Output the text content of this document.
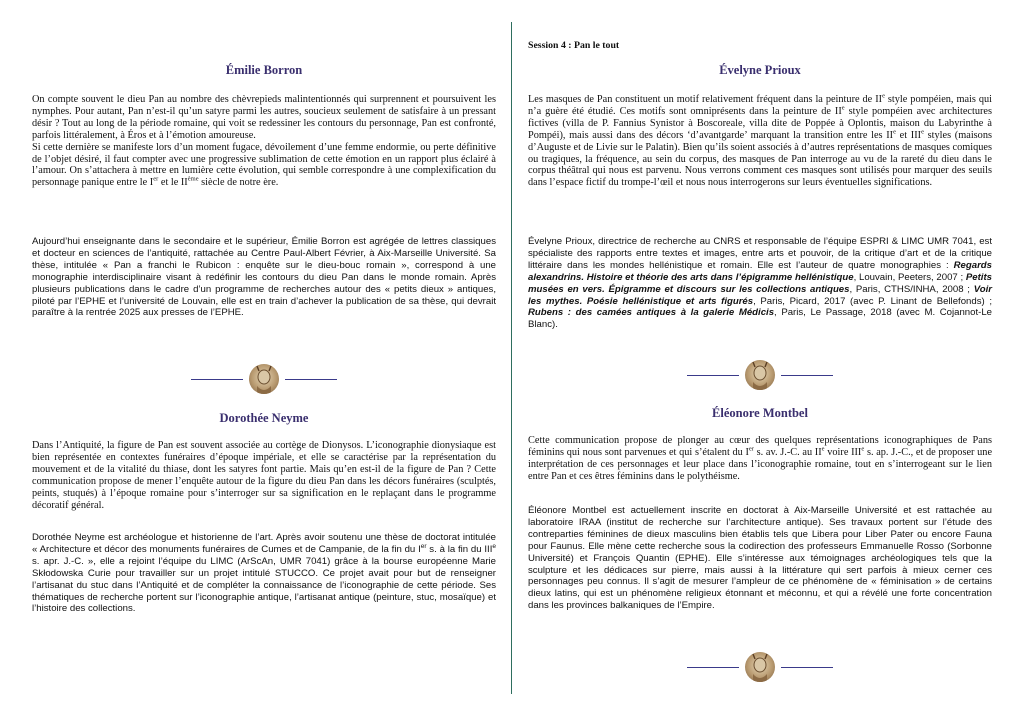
Émilie Borron

On compte souvent le dieu Pan au nombre des chèvrepieds malintentionnés qui surprennent et poursuivent les nymphes. Pour autant, Pan n’est-il qu’un satyre parmi les autres, soucieux seulement de satisfaire à un pressant désir ? Tout au long de la période romaine, qui voit se redessiner les contours du personnage, Pan est confronté, parfois littéralement, à Éros et à l’émotion amoureuse.

Si cette dernière se manifeste lors d’un moment fugace, dévoilement d’une femme endormie, ou perte définitive de l’objet désiré, il faut compter avec une progressive sublimation de cette émotion en un rapport plus éclairé à l’amour. On s’attachera à mettre en lumière cette évolution, qui semble correspondre à une complexification du personnage panique entre le Ier et le IIème siècle de notre ère.

Aujourd’hui enseignante dans le secondaire et le supérieur, Émilie Borron est agrégée de lettres classiques et docteur en sciences de l’antiquité, rattachée au Centre Paul-Albert Février, à Aix-Marseille Université. Sa thèse, intitulée « Pan a franchi le Rubicon : enquête sur le dieu-bouc romain », correspond à une monographie interdisciplinaire visant à redéfinir les contours du dieu Pan dans le monde romain. Après plusieurs publications dans le cadre d’un programme de recherches autour des « petits dieux » antiques, piloté par l’EPHE et l’université de Louvain, elle est en train d’achever la publication de sa thèse, qui devrait paraître à la rentrée 2025 aux presses de l’EPHE.

Dorothée Neyme

Dans l’Antiquité, la figure de Pan est souvent associée au cortège de Dionysos. L’iconographie dionysiaque est bien représentée en contextes funéraires d’époque impériale, et elle se caractérise par la représentation du mouvement et de la vitalité du thiase, dont les satyres font partie. Mais qu’en est-il de la figure de Pan ? Cette communication propose de mener l’enquête autour de la figure du dieu Pan dans les décors funéraires (sculptés, peints, stuqués) à l’époque romaine pour s’interroger sur sa signification en le replaçant dans le programme décoratif général.

Dorothée Neyme est archéologue et historienne de l’art. Après avoir soutenu une thèse de doctorat intitulée « Architecture et décor des monuments funéraires de Cumes et de Campanie, de la fin du Ier s. à la fin du IIIe s. apr. J.-C. », elle a rejoint l’équipe du LIMC (ArScAn, UMR 7041) grâce à la bourse européenne Marie Skłodowska Curie pour travailler sur un projet intitulé STUCCO. Ce projet avait pour but de renseigner l’artisanat du stuc dans l’Antiquité et de compléter la connaissance de l’iconographie de cette période. Ses thématiques de recherche portent sur l’iconographie antique, l’artisanat antique (peinture, stuc, mosaïque) et l’histoire des collections.

Session 4 : Pan le tout

Évelyne Prioux

Les masques de Pan constituent un motif relativement fréquent dans la peinture de IIe style pompéien, mais qui n’a guère été étudié. Ces motifs sont omniprésents dans la peinture de IIe style pompéien avec architectures fictives (villa de P. Fannius Synistor à Boscoreale, villa dite de Poppée à Oplontis, maison du Labyrinthe à Pompéi), mais aussi dans des décors ‘d’avantgarde’ marquant la transition entre les IIe et IIIe styles (maisons d’Auguste et de Livie sur le Palatin). Bien qu’ils soient associés à d’autres représentations de masques comiques ou tragiques, la fréquence, au sein du corpus, des masques de Pan interroge au vu de la rareté du dieu dans le corpus théâtral qui nous est parvenu. Nous verrons comment ces masques sont utilisés pour marquer des seuils dans l’espace fictif du trompe-l’œil et nous nous interrogerons sur leurs éventuelles significations.

Évelyne Prioux, directrice de recherche au CNRS et responsable de l’équipe ESPRI & LIMC UMR 7041, est spécialiste des rapports entre textes et images, entre arts et pouvoir, de la critique d’art et de la critique littéraire dans les mondes hellénistique et romain. Elle est l’auteur de quatre monographies : Regards alexandrins. Histoire et théorie des arts dans l’épigramme hellénistique, Louvain, Peeters, 2007 ; Petits musées en vers. Épigramme et discours sur les collections antiques, Paris, CTHS/INHA, 2008 ; Voir les mythes. Poésie hellénistique et arts figurés, Paris, Picard, 2017 (avec P. Linant de Bellefonds) ; Rubens : des camées antiques à la galerie Médicis, Paris, Le Passage, 2018 (avec M. Cojannot-Le Blanc).

Éléonore Montbel

Cette communication propose de plonger au cœur des quelques représentations iconographiques de Pans féminins qui nous sont parvenues et qui s’étalent du Ier s. av. J.-C. au IIe voire IIIe s. ap. J.-C., et de proposer une interprétation de ces personnages et leur place dans l’iconographie romaine, tout en s’interrogeant sur le lien entre Pan et ces êtres féminins dans le polythéisme.

Éléonore Montbel est actuellement inscrite en doctorat à Aix-Marseille Université et est rattachée au laboratoire IRAA (institut de recherche sur l’architecture antique). Ses travaux portent sur l’étude des contreparties féminines de dieux masculins bien établis tels que Libera pour Liber Pater ou encore Fauna pour Faunus. Elle mène cette recherche sous la codirection des professeurs Emmanuelle Rosso (Sorbonne Université) et François Quantin (EPHE). Elle s’intéresse aux témoignages archéologiques tels que la sculpture et les dédicaces sur pierre, mais aussi à la littérature qui sert parfois à mieux cerner ces personnages peu connus. Il s’agit de mesurer l’ampleur de ce phénomène de « féminisation » de certains dieux latins, qui est un phénomène religieux étonnant et méconnu, et qui a révélé une forte concentration dans les provinces balkaniques de l’Empire.
